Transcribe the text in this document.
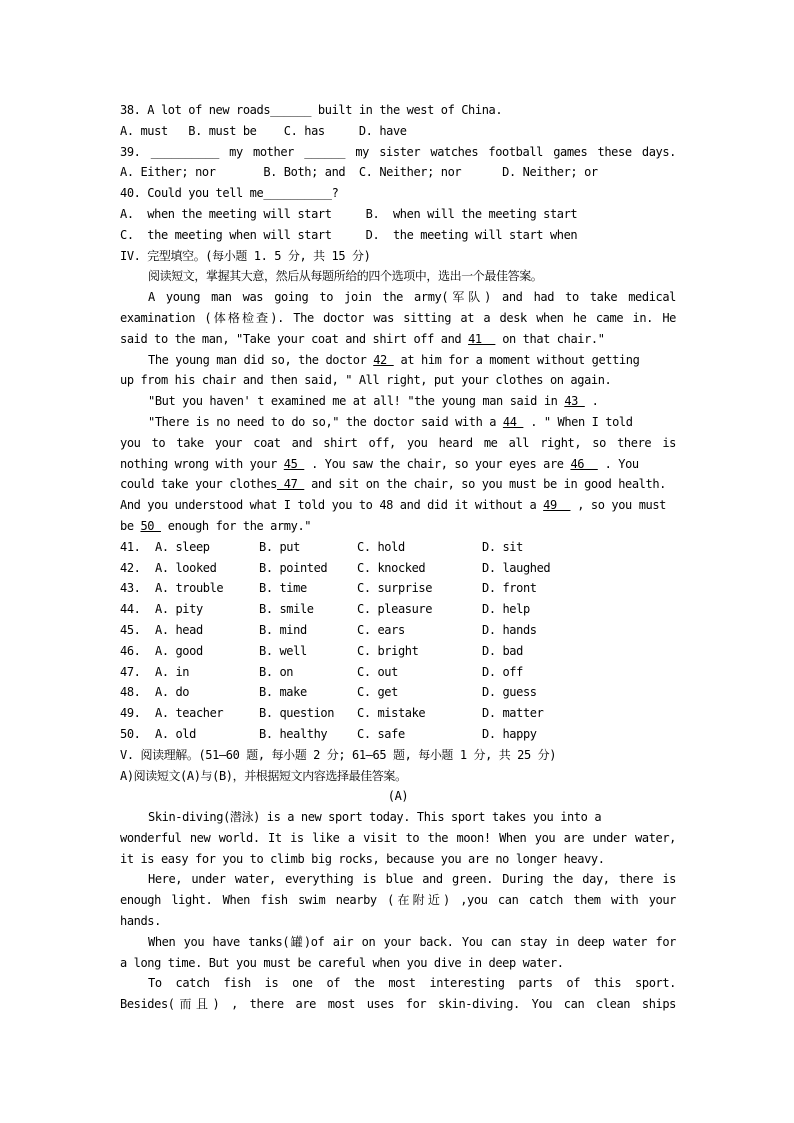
38. A lot of new roads______ built in the west of China.
A. must   B. must be    C. has     D. have
39. __________ my mother ______ my sister watches football games these days.
A. Either; nor       B. Both; and  C. Neither; nor      D. Neither; or
40. Could you tell me__________?
A.  when the meeting will start     B.  when will the meeting start
C.  the meeting when will start     D.  the meeting will start when
IV. 完型填空。(每小题 1. 5 分, 共 15 分)
阅读短文，掌握其大意，然后从每题所给的四个选项中，选出一个最佳答案。
A young man was going to join the army(军队) and had to take medical
examination (体格检查). The doctor was sitting at a desk when he came in. He
said to the man, "Take your coat and shirt off and 41   on that chair."
The young man did so, the doctor 42  at him for a moment without getting
up from his chair and then said, " All right, put your clothes on again.
"But you haven' t examined me at all! "the young man said in 43  .
"There is no need to do so," the doctor said with a 44  . " When I told
you to take your coat and shirt off, you heard me all right, so there is
nothing wrong with your 45  . You saw the chair, so your eyes are 46   . You
could take your clothes 47  and sit on the chair, so you must be in good health.
And you understood what I told you to 48 and did it without a 49   , so you must
be 50  enough for the army."
41. A. sleep	B. put	C. hold	D. sit
42. A. looked	B. pointed C. knocked	D. laughed
43. A. trouble	B. time	C. surprise	D. front
44. A. pity	B. smile	C. pleasure	D. help
45. A. head	B. mind	C. ears	D. hands
46. A. good	B. well	C. bright	D. bad
47. A. in	B. on	C. out	D. off
48. A. do	B. make	C. get	D. guess
49. A. teacher	B. question C. mistake	D. matter
50. A. old	B. healthy C. safe	D. happy
V. 阅读理解。(51—60 题, 每小题 2 分; 61—65 题, 每小题 1 分, 共 25 分)
A)阅读短文(A)与(B)，并根据短文内容选择最佳答案。
(A)
Skin-diving(潜泳) is a new sport today. This sport takes you into a
wonderful new world. It is like a visit to the moon! When you are under water,
it is easy for you to climb big rocks, because you are no longer heavy.
Here, under water, everything is blue and green. During the day, there is
enough light. When fish swim nearby (在附近) ,you can catch them with your
hands.
When you have tanks(罐)of air on your back. You can stay in deep water for
a long time. But you must be careful when you dive in deep water.
To catch fish is one of the most interesting parts of this sport.
Besides(而且) , there are most uses for skin-diving. You can clean ships
